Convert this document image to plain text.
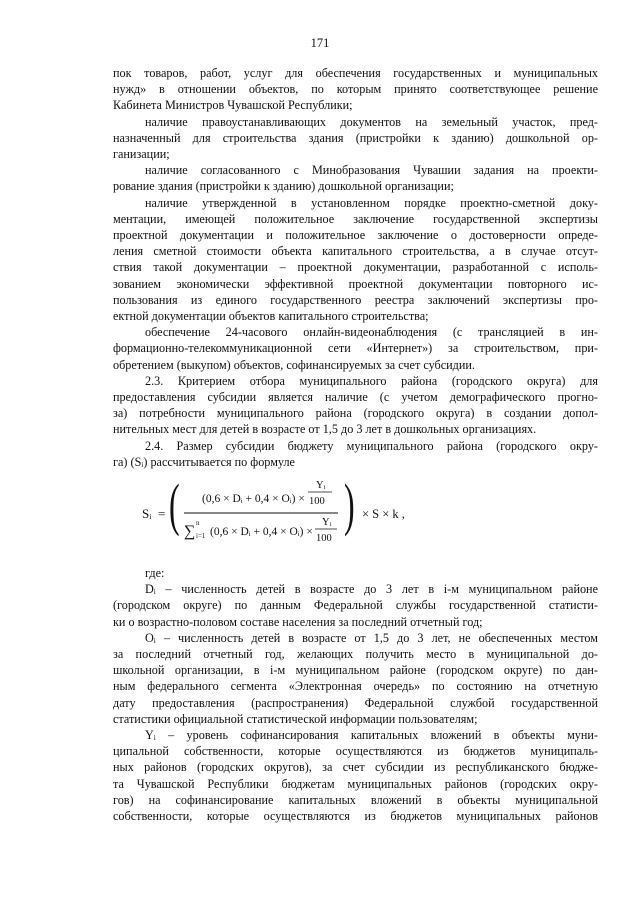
171

пок товаров, работ, услуг для обеспечения государственных и муниципальных

нужд» в отношении объектов, по которым принято соответствующее решение

Кабинета Министров Чувашской Республики;

наличие правоустанавливающих документов на земельный участок, пред-

назначенный для строительства здания (пристройки к зданию) дошкольной ор-

ганизации;

наличие согласованного с Минобразования Чувашии задания на проекти-

рование здания (пристройки к зданию) дошкольной организации;

наличие утвержденной в установленном порядке проектно-сметной доку-

ментации, имеющей положительное заключение государственной экспертизы

проектной документации и положительное заключение о достоверности опреде-

ления сметной стоимости объекта капитального строительства, а в случае отсут-

ствия такой документации – проектной документации, разработанной с исполь-

зованием экономически эффективной проектной документации повторного ис-

пользования из единого государственного реестра заключений экспертизы про-

ектной документации объектов капитального строительства;

обеспечение 24-часового онлайн-видеонаблюдения (с трансляцией в ин-

формационно-телекоммуникационной сети «Интернет») за строительством, при-

обретением (выкупом) объектов, софинансируемых за счет субсидии.

2.3. Критерием отбора муниципального района (городского округа) для

предоставления субсидии является наличие (с учетом демографического прогно-

за) потребности муниципального района (городского округа) в создании допол-

нительных мест для детей в возрасте от 1,5 до 3 лет в дошкольных организациях.

2.4. Размер субсидии бюджету муниципального района (городского окру-

га) (Sᵢ) рассчитывается по формуле

Sᵢ = ( (0,6 × Dᵢ + 0,4 × Oᵢ) ×
Yᵢ
100
∑ n
i=1 (0,6 × Dᵢ + 0,4 × Oᵢ) ×
Yᵢ
100
) × S × k ,

где:

Dᵢ – численность детей в возрасте до 3 лет в i-м муниципальном районе

(городском округе) по данным Федеральной службы государственной статисти-

ки о возрастно-половом составе населения за последний отчетный год;

Oᵢ – численность детей в возрасте от 1,5 до 3 лет, не обеспеченных местом

за последний отчетный год, желающих получить место в муниципальной до-

школьной организации, в i-м муниципальном районе (городском округе) по дан-

ным федерального сегмента «Электронная очередь» по состоянию на отчетную

дату предоставления (распространения) Федеральной службой государственной

статистики официальной статистической информации пользователям;

Yᵢ – уровень софинансирования капитальных вложений в объекты муни-

ципальной собственности, которые осуществляются из бюджетов муниципаль-

ных районов (городских округов), за счет субсидии из республиканского бюдже-

та Чувашской Республики бюджетам муниципальных районов (городских окру-

гов) на софинансирование капитальных вложений в объекты муниципальной

собственности, которые осуществляются из бюджетов муниципальных районов
